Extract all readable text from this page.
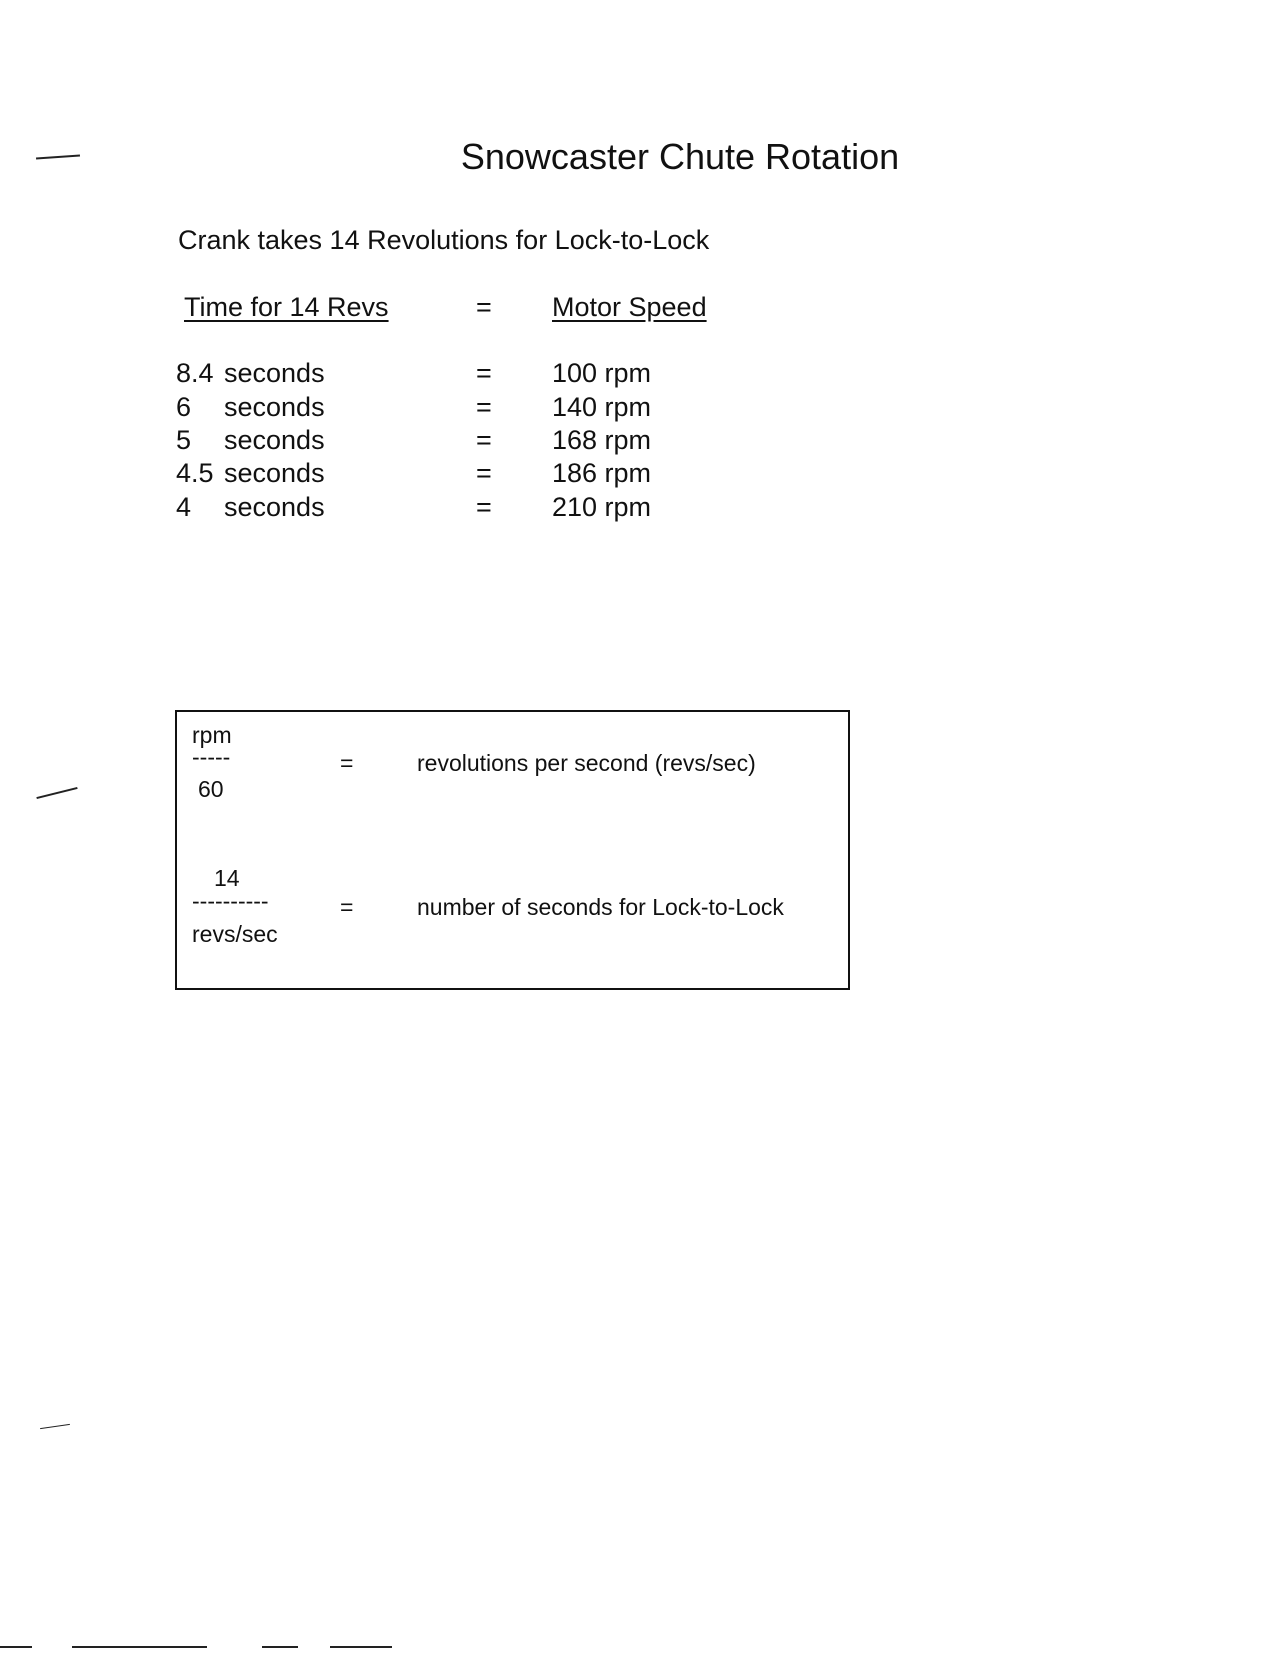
Snowcaster Chute Rotation
Crank takes 14 Revolutions for Lock-to-Lock
Time for 14 Revs	= Motor Speed
8.4 seconds	= 100 rpm
6 seconds	= 140 rpm
5 seconds	= 168 rpm
4.5 seconds	= 186 rpm
4 seconds	= 210 rpm
rpm
-----
60
=	revolutions per second (revs/sec)
14
----------
revs/sec
=	number of seconds for Lock-to-Lock
